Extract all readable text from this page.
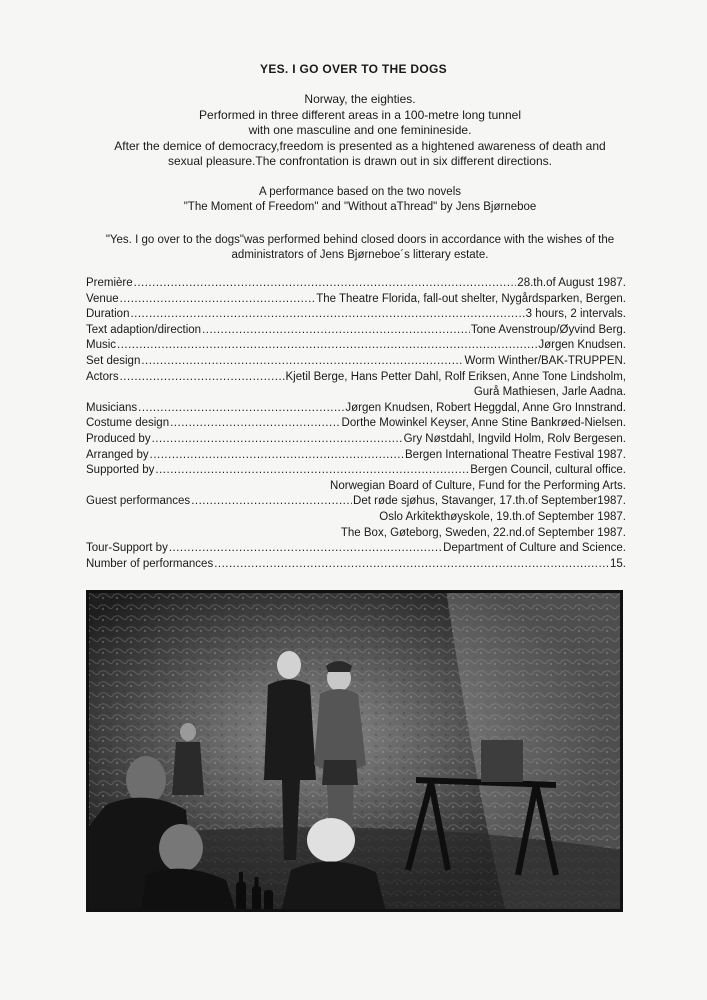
YES. I GO OVER TO THE DOGS
Norway, the eighties.
Performed in three different areas in a 100-metre long tunnel
with one masculine and one feminineside.
After the demice of democracy,freedom is presented as a hightened awareness of death and
sexual pleasure.The confrontation is drawn out in six different directions.
A performance based on the two novels
"The Moment of Freedom" and "Without aThread" by Jens Bjørneboe
"Yes. I go over to the dogs"was performed behind closed doors in accordance with the wishes of the
administrators of Jens Bjørneboe´s litterary estate.
Première .....	28.th.of August 1987.
Venue .....	The Theatre Florida, fall-out shelter, Nygårdsparken, Bergen.
Duration .....	3 hours, 2 intervals.
Text adaption/direction .....	Tone Avenstroup/Øyvind Berg.
Music .....	Jørgen Knudsen.
Set design .....	Worm Winther/BAK-TRUPPEN.
Actors .....	Kjetil Berge, Hans Petter Dahl, Rolf Eriksen, Anne Tone Lindsholm,
Gurå Mathiesen, Jarle Aadna.
Musicians .....	Jørgen Knudsen, Robert Heggdal, Anne Gro Innstrand.
Costume design .....	Dorthe Mowinkel Keyser, Anne Stine Bankrøed-Nielsen.
Produced by .....	Gry Nøstdahl, Ingvild Holm, Rolv Bergesen.
Arranged by .....	Bergen International Theatre Festival 1987.
Supported by .....	Bergen Council, cultural office.
Norwegian Board of Culture, Fund for the Performing Arts.
Guest performances .....	Det røde sjøhus, Stavanger, 17.th.of September1987.
Oslo Arkitekthøyskole, 19.th.of September 1987.
The Box, Gøteborg, Sweden, 22.nd.of September 1987.
Tour-Support by .....	Department of Culture and Science.
Number of performances .....	15.
